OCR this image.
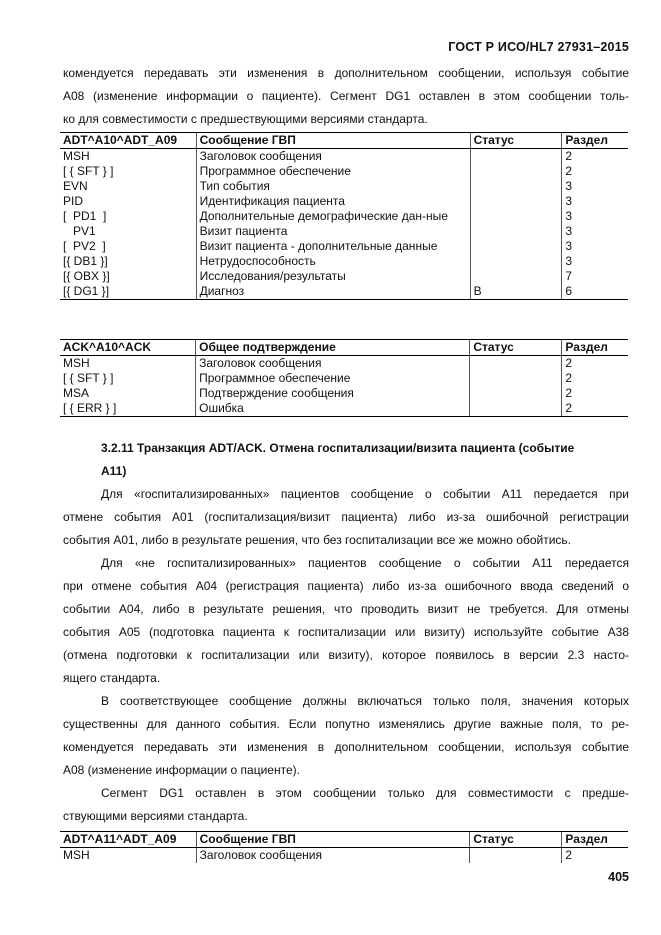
ГОСТ Р ИСО/HL7 27931–2015
комендуется передавать эти изменения в дополнительном сообщении, используя событие
A08 (изменение информации о пациенте). Сегмент DG1 оставлен в этом сообщении толь-
ко для совместимости с предшествующими версиями стандарта.
ADT^A10^ADT_A09	Сообщение ГВП	Статус	Раздел
MSH	Заголовок сообщения		2
[ { SFT } ]	Программное обеспечение		2
EVN	Тип события		3
PID	Идентификация пациента		3
[  PD1  ]	Дополнительные демографические дан-ные		3
PV1	Визит пациента		3
[  PV2  ]	Визит пациента - дополнительные данные		3
[{ DB1 }]	Нетрудоспособность		3
[{ OBX }]	Исследования/результаты		7
[{ DG1 }]	Диагноз	B	6
ACK^A10^ACK	Общее подтверждение	Статус	Раздел
MSH	Заголовок сообщения		2
[ { SFT } ]	Программное обеспечение		2
MSA	Подтверждение сообщения		2
[ { ERR } ]	Ошибка		2
3.2.11 Транзакция ADT/ACK. Отмена госпитализации/визита пациента (событие
A11)
Для «госпитализированных» пациентов сообщение о событии A11 передается при
отмене события A01 (госпитализация/визит пациента) либо из-за ошибочной регистрации
события A01, либо в результате решения, что без госпитализации все же можно обойтись.
Для «не госпитализированных» пациентов сообщение о событии A11 передается
при отмене события A04 (регистрация пациента) либо из-за ошибочного ввода сведений о
событии A04, либо в результате решения, что проводить визит не требуется. Для отмены
события A05 (подготовка пациента к госпитализации или визиту) используйте событие A38
(отмена подготовки к госпитализации или визиту), которое появилось в версии 2.3 насто-
ящего стандарта.
В соответствующее сообщение должны включаться только поля, значения которых
существенны для данного события. Если попутно изменялись другие важные поля, то ре-
комендуется передавать эти изменения в дополнительном сообщении, используя событие
A08 (изменение информации о пациенте).
Сегмент DG1 оставлен в этом сообщении только для совместимости с предше-
ствующими версиями стандарта.
ADT^A11^ADT_A09	Сообщение ГВП	Статус	Раздел
MSH	Заголовок сообщения		2
405
